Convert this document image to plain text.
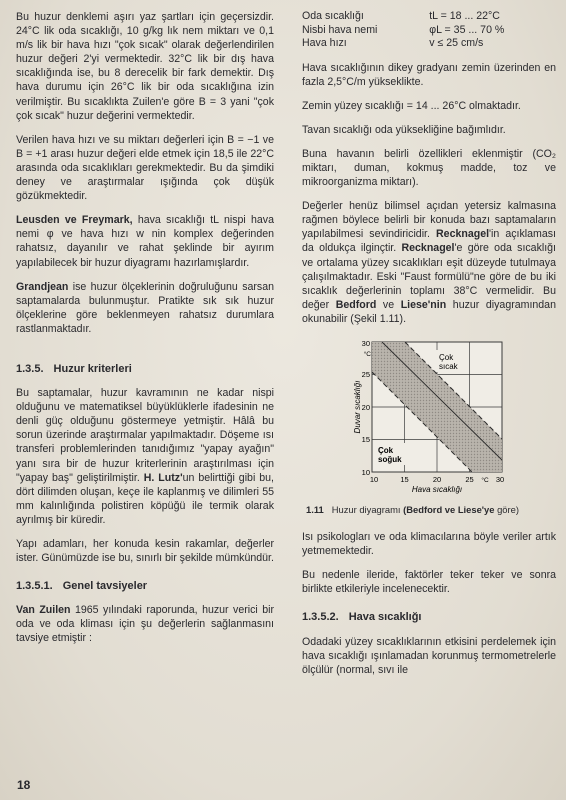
Bu huzur denklemi aşırı yaz şartları için geçersizdir. 24°C lik oda sıcaklığı, 10 g/kg lık nem miktarı ve 0,1 m/s lik bir hava hızı "çok sıcak" olarak değerlendirilen huzur değeri 2'yi vermektedir. 32°C lik bir dış hava sıcaklığında ise, bu 8 derecelik bir fark demektir. Dış hava durumu için 26°C lik bir oda sıcaklığına izin verilmiştir. Bu sıcaklıkta Zuilen'e göre B = 3 yani "çok çok sıcak" huzur değerini vermektedir.

Verilen hava hızı ve su miktarı değerleri için B = −1 ve B = +1 arası huzur değeri elde etmek için 18,5 ile 22°C arasında oda sıcaklıkları gerekmektedir. Bu da şimdiki deney ve araştırmalar ışığında çok düşük gözükmektedir.

Leusden ve Freymark, hava sıcaklığı tL nispi hava nemi φ ve hava hızı w nin komplex değerinden rahatsız, dayanılır ve rahat şeklinde bir ayırım yapılabilecek bir huzur diyagramı hazırlamışlardır.

Grandjean ise huzur ölçeklerinin doğruluğunu sarsan saptamalarda bulunmuştur. Pratikte sık sık huzur ölçeklerine göre beklenmeyen rahatsız durumlara rastlanmaktadır.

1.3.5. Huzur kriterleri

Bu saptamalar, huzur kavramının ne kadar nispi olduğunu ve matematiksel büyüklüklerle ifadesinin ne denli güç olduğunu göstermeye yetmiştir. Hâlâ bu sorun üzerinde araştırmalar yapılmaktadır. Döşeme ısı transferi problemlerinden tanıdığımız "yapay ayağın" yanı sıra bir de huzur kriterlerinin araştırılması için "yapay baş" geliştirilmiştir. H. Lutz'un belirttiği gibi bu, dört dilimden oluşan, keçe ile kaplanmış ve dilimleri 55 mm kalınlığında polistiren köpüğü ile termik olarak ayrılmış bir küredir.

Yapı adamları, her konuda kesin rakamlar, değerler ister. Günümüzde ise bu, sınırlı bir şekilde mümkündür.

1.3.5.1. Genel tavsiyeler

Van Zuilen 1965 yılındaki raporunda, huzur verici bir oda ve oda kliması için şu değerlerin sağlanmasını tavsiye etmiştir :

18
Oda sıcaklığı	tL = 18 ... 22°C
Nisbi hava nemi	φL = 35 ... 70 %
Hava hızı	v ≤ 25 cm/s

Hava sıcaklığının dikey gradyanı zemin üzerinden en fazla 2,5°C/m yükseklikte.

Zemin yüzey sıcaklığı = 14 ... 26°C olmaktadır.

Tavan sıcaklığı oda yüksekliğine bağımlıdır.

Buna havanın belirli özellikleri eklenmiştir (CO₂ miktarı, duman, kokmuş madde, toz ve mikroorganizma miktarı).

Değerler henüz bilimsel açıdan yetersiz kalmasına rağmen böylece belirli bir konuda bazı saptamaların yapılabilmesi sevindiricidir. Recknagel'in açıklaması da oldukça ilginçtir. Recknagel'e göre oda sıcaklığı ve ortalama yüzey sıcaklıkları eşit düzeyde tutulmaya çalışılmaktadır. Eski "Faust formülü"ne göre de bu iki sıcaklık değerlerinin toplamı 38°C vermelidir. Bu değer Bedford ve Liese'nin huzur diyagramından okunabilir (Şekil 1.11).

Çok
sıcak
Çok
soğuk
10
15
20
25
30
°C
10	15	20	25	30
°C
Hava sıcaklığı
Duvar sıcaklığı
1.11 Huzur diyagramı (Bedford ve Liese'ye göre)

Isı psikologları ve oda klimacılarına böyle veriler artık yetmemektedir.

Bu nedenle ileride, faktörler teker teker ve sonra birlikte etkileriyle incelenecektir.

1.3.5.2. Hava sıcaklığı

Odadaki yüzey sıcaklıklarının etkisini perdelemek için hava sıcaklığı ışınlamadan korunmuş termometrelerle ölçülür (normal, sıvı ile
